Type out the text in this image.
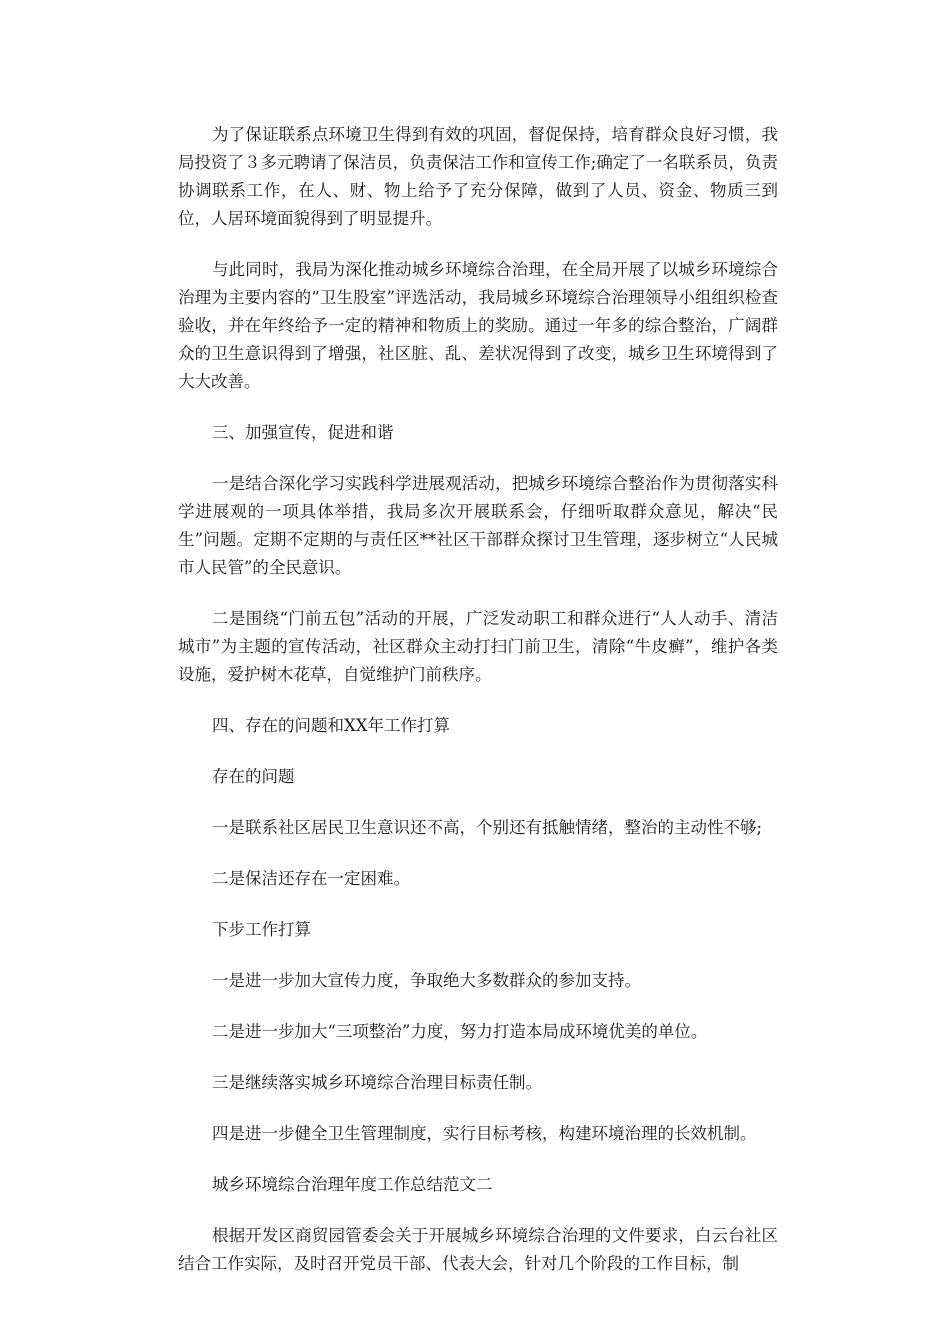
为了保证联系点环境卫生得到有效的巩固，督促保持，培育群众良好习惯，我局投资了３多元聘请了保洁员，负责保洁工作和宣传工作;确定了一名联系员，负责协调联系工作，在人、财、物上给予了充分保障，做到了人员、资金、物质三到位，人居环境面貌得到了明显提升。

与此同时，我局为深化推动城乡环境综合治理，在全局开展了以城乡环境综合治理为主要内容的“卫生股室”评选活动，我局城乡环境综合治理领导小组组织检查验收，并在年终给予一定的精神和物质上的奖励。通过一年多的综合整治，广阔群众的卫生意识得到了增强，社区脏、乱、差状况得到了改变，城乡卫生环境得到了大大改善。

三、加强宣传，促进和谐

一是结合深化学习实践科学进展观活动，把城乡环境综合整治作为贯彻落实科学进展观的一项具体举措，我局多次开展联系会，仔细听取群众意见，解决“民生”问题。定期不定期的与责任区**社区干部群众探讨卫生管理，逐步树立“人民城市人民管”的全民意识。

二是围绕“门前五包”活动的开展，广泛发动职工和群众进行“人人动手、清洁城市”为主题的宣传活动，社区群众主动打扫门前卫生，清除“牛皮癣”，维护各类设施，爱护树木花草，自觉维护门前秩序。

四、存在的问题和XX年工作打算

存在的问题

一是联系社区居民卫生意识还不高，个别还有抵触情绪，整治的主动性不够;

二是保洁还存在一定困难。

下步工作打算

一是进一步加大宣传力度，争取绝大多数群众的参加支持。

二是进一步加大“三项整治”力度，努力打造本局成环境优美的单位。

三是继续落实城乡环境综合治理目标责任制。

四是进一步健全卫生管理制度，实行目标考核，构建环境治理的长效机制。

城乡环境综合治理年度工作总结范文二

根据开发区商贸园管委会关于开展城乡环境综合治理的文件要求，白云台社区结合工作实际，及时召开党员干部、代表大会，针对几个阶段的工作目标，制
